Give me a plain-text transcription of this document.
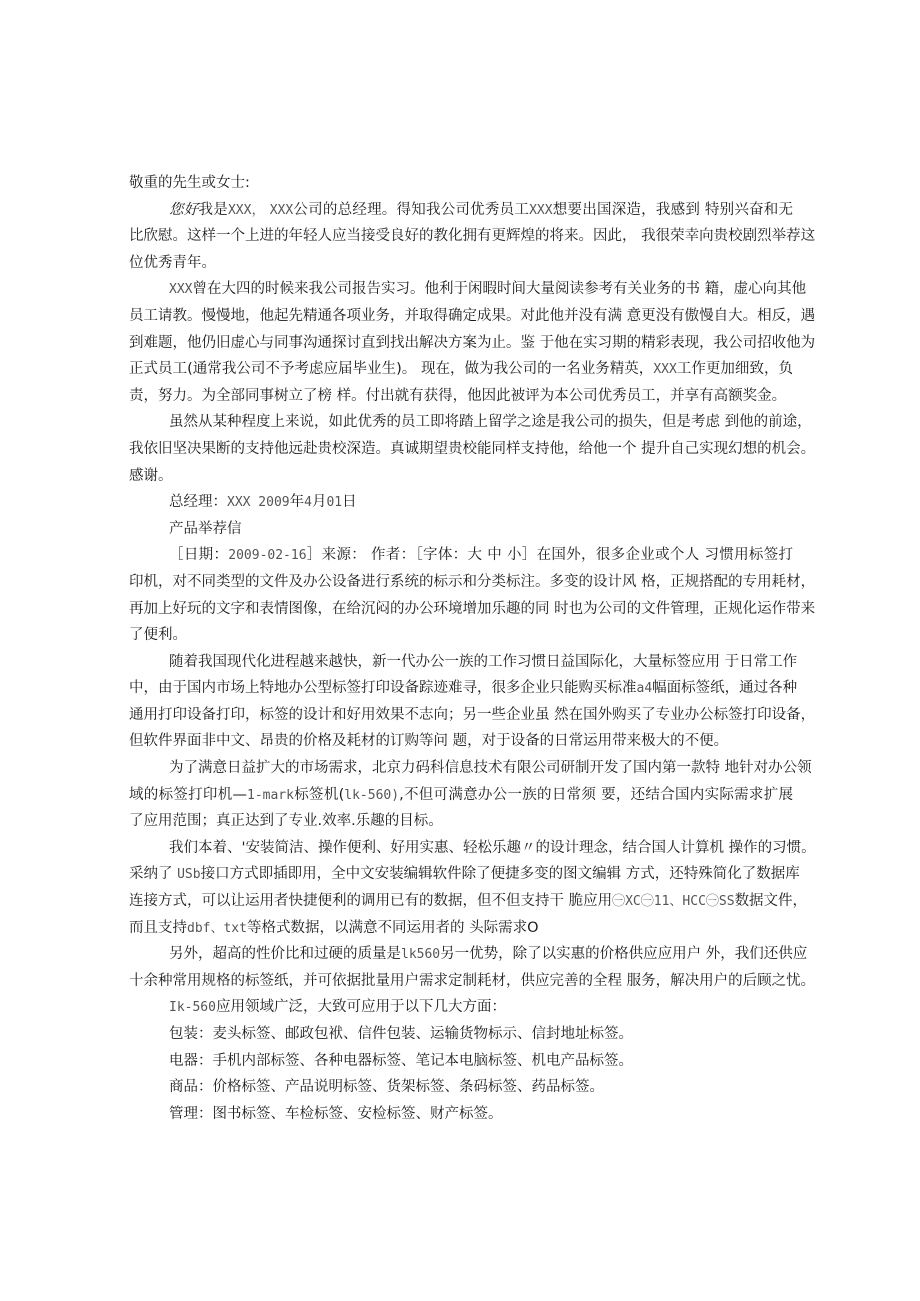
敬重的先生或女士:
您好我是XXX， XXX公司的总经理。得知我公司优秀员工XXX想要出国深造，我感到 特别兴奋和无
比欣慰。这样一个上进的年轻人应当接受良好的教化拥有更辉煌的将来。因此， 我很荣幸向贵校剧烈举荐这
位优秀青年。
XXX曾在大四的时候来我公司报告实习。他利于闲暇时间大量阅读参考有关业务的书 籍，虚心向其他
员工请教。慢慢地，他起先精通各项业务，并取得确定成果。对此他并没有满 意更没有傲慢自大。相反，遇
到难题，他仍旧虚心与同事沟通探讨直到找出解决方案为止。鉴 于他在实习期的精彩表现，我公司招收他为
正式员工(通常我公司不予考虑应届毕业生)。 现在，做为我公司的一名业务精英，XXX工作更加细致，负
责，努力。为全部同事树立了榜 样。付出就有获得，他因此被评为本公司优秀员工，并享有高额奖金。
虽然从某种程度上来说，如此优秀的员工即将踏上留学之途是我公司的损失，但是考虑 到他的前途，
我依旧坚决果断的支持他远赴贵校深造。真诚期望贵校能同样支持他，给他一个 提升自己实现幻想的机会。
感谢。
总经理：XXX 2009年4月01日
产品举荐信
［日期：2009-02-16］来源： 作者：［字体：大 中 小］在国外，很多企业或个人 习惯用标签打
印机，对不同类型的文件及办公设备进行系统的标示和分类标注。多变的设计风 格，正规搭配的专用耗材，
再加上好玩的文字和表情图像，在给沉闷的办公环境增加乐趣的同 时也为公司的文件管理，正规化运作带来
了便利。
随着我国现代化进程越来越快，新一代办公一族的工作习惯日益国际化，大量标签应用 于日常工作
中，由于国内市场上特地办公型标签打印设备踪迹难寻，很多企业只能购买标准a4幅面标签纸，通过各种
通用打印设备打印，标签的设计和好用效果不志向；另一些企业虽 然在国外购买了专业办公标签打印设备，
但软件界面非中文、昂贵的价格及耗材的订购等问 题，对于设备的日常运用带来极大的不便。
为了满意日益扩大的市场需求，北京力码科信息技术有限公司研制开发了国内第一款特 地针对办公领
域的标签打印机—1-mark标签机(lk-560),不但可满意办公一族的日常须 要，还结合国内实际需求扩展
了应用范围；真正达到了专业.效率.乐趣的目标。
我们本着、'安装简洁、操作便利、好用实惠、轻松乐趣〃的设计理念，结合国人计算机 操作的习惯。
采纳了 USb接口方式即插即用，全中文安装编辑软件除了便捷多变的图文编辑 方式，还特殊简化了数据库
连接方式，可以让运用者快捷便利的调用已有的数据，但不但支持干 脆应用㊀XC㊀11、HCC㊀SS数据文件，
而且支持dbf、txt等格式数据，以满意不同运用者的 头际需求O
另外，超高的性价比和过硬的质量是lk560另一优势，除了以实惠的价格供应应用户 外，我们还供应
十余种常用规格的标签纸，并可依据批量用户需求定制耗材，供应完善的全程 服务，解决用户的后顾之忧。
Ik-560应用领域广泛，大致可应用于以下几大方面：
包装：麦头标签、邮政包袱、信件包装、运输货物标示、信封地址标签。
电器：手机内部标签、各种电器标签、笔记本电脑标签、机电产品标签。
商品：价格标签、产品说明标签、货架标签、条码标签、药品标签。
管理：图书标签、车检标签、安检标签、财产标签。
